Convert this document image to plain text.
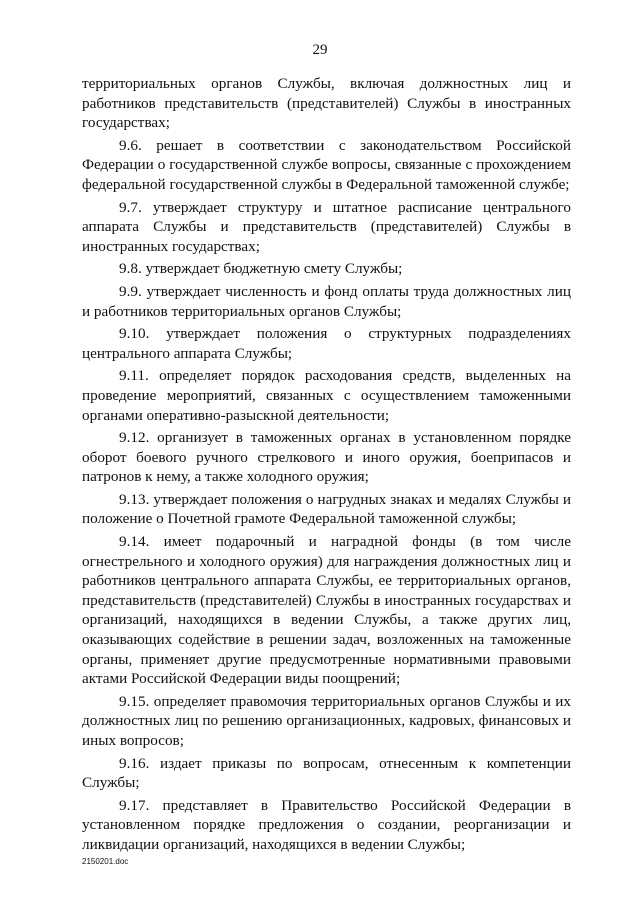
29

территориальных органов Службы, включая должностных лиц и работников представительств (представителей) Службы в иностранных государствах;

9.6. решает в соответствии с законодательством Российской Федерации о государственной службе вопросы, связанные с прохождением федеральной государственной службы в Федеральной таможенной службе;

9.7. утверждает структуру и штатное расписание центрального аппарата Службы и представительств (представителей) Службы в иностранных государствах;

9.8. утверждает бюджетную смету Службы;

9.9. утверждает численность и фонд оплаты труда должностных лиц и работников территориальных органов Службы;

9.10. утверждает положения о структурных подразделениях центрального аппарата Службы;

9.11. определяет порядок расходования средств, выделенных на проведение мероприятий, связанных с осуществлением таможенными органами оперативно-разыскной деятельности;

9.12. организует в таможенных органах в установленном порядке оборот боевого ручного стрелкового и иного оружия, боеприпасов и патронов к нему, а также холодного оружия;

9.13. утверждает положения о нагрудных знаках и медалях Службы и положение о Почетной грамоте Федеральной таможенной службы;

9.14. имеет подарочный и наградной фонды (в том числе огнестрельного и холодного оружия) для награждения должностных лиц и работников центрального аппарата Службы, ее территориальных органов, представительств (представителей) Службы в иностранных государствах и организаций, находящихся в ведении Службы, а также других лиц, оказывающих содействие в решении задач, возложенных на таможенные органы, применяет другие предусмотренные нормативными правовыми актами Российской Федерации виды поощрений;

9.15. определяет правомочия территориальных органов Службы и их должностных лиц по решению организационных, кадровых, финансовых и иных вопросов;

9.16. издает приказы по вопросам, отнесенным к компетенции Службы;

9.17. представляет в Правительство Российской Федерации в установленном порядке предложения о создании, реорганизации и ликвидации организаций, находящихся в ведении Службы;

2150201.doc
